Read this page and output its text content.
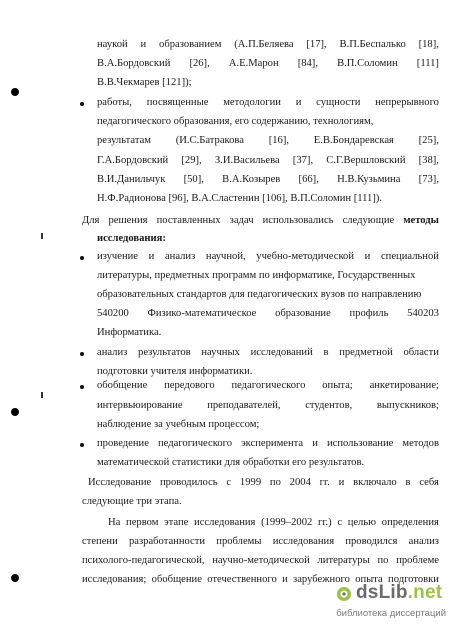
наукой и образованием (А.П.Беляева [17], В.П.Беспалько [18],
В.А.Бордовский [26], А.Е.Марон [84], В.П.Соломин [111]
В.В.Чекмарев [121]);
работы, посвященные методологии и сущности непрерывного
педагогического образования, его содержанию, технологиям,
результатам (И.С.Батракова [16], Е.В.Бондаревская [25],
Г.А.Бордовский [29], З.И.Васильева [37], С.Г.Вершловский [38],
В.И.Данильчук [50], В.А.Козырев [66], Н.В.Кузьмина [73],
Н.Ф.Радионова [96], В.А.Сластенин [106], В.П.Соломин [111]).
Для решения поставленных задач использовались следующие методы
исследования:
изучение и анализ научной, учебно-методической и специальной
литературы, предметных программ по информатике, Государственных
образовательных стандартов для педагогических вузов по направлению
540200 Физико-математическое образование профиль 540203
Информатика.
анализ результатов научных исследований в предметной области
подготовки учителя информатики.
обобщение передового педагогического опыта; анкетирование;
интервьюирование преподавателей, студентов, выпускников;
наблюдение за учебным процессом;
проведение педагогического эксперимента и использование методов
математической статистики для обработки его результатов.
Исследование проводилось с 1999 по 2004 гг. и включало в себя
следующие три этапа.
На первом этапе исследования (1999–2002 гг.) с целью определения
степени разработанности проблемы исследования проводился анализ
психолого-педагогической, научно-методической литературы по проблеме
исследования; обобщение отечественного и зарубежного опыта подготовки
dsLib.net
библиотека диссертаций
